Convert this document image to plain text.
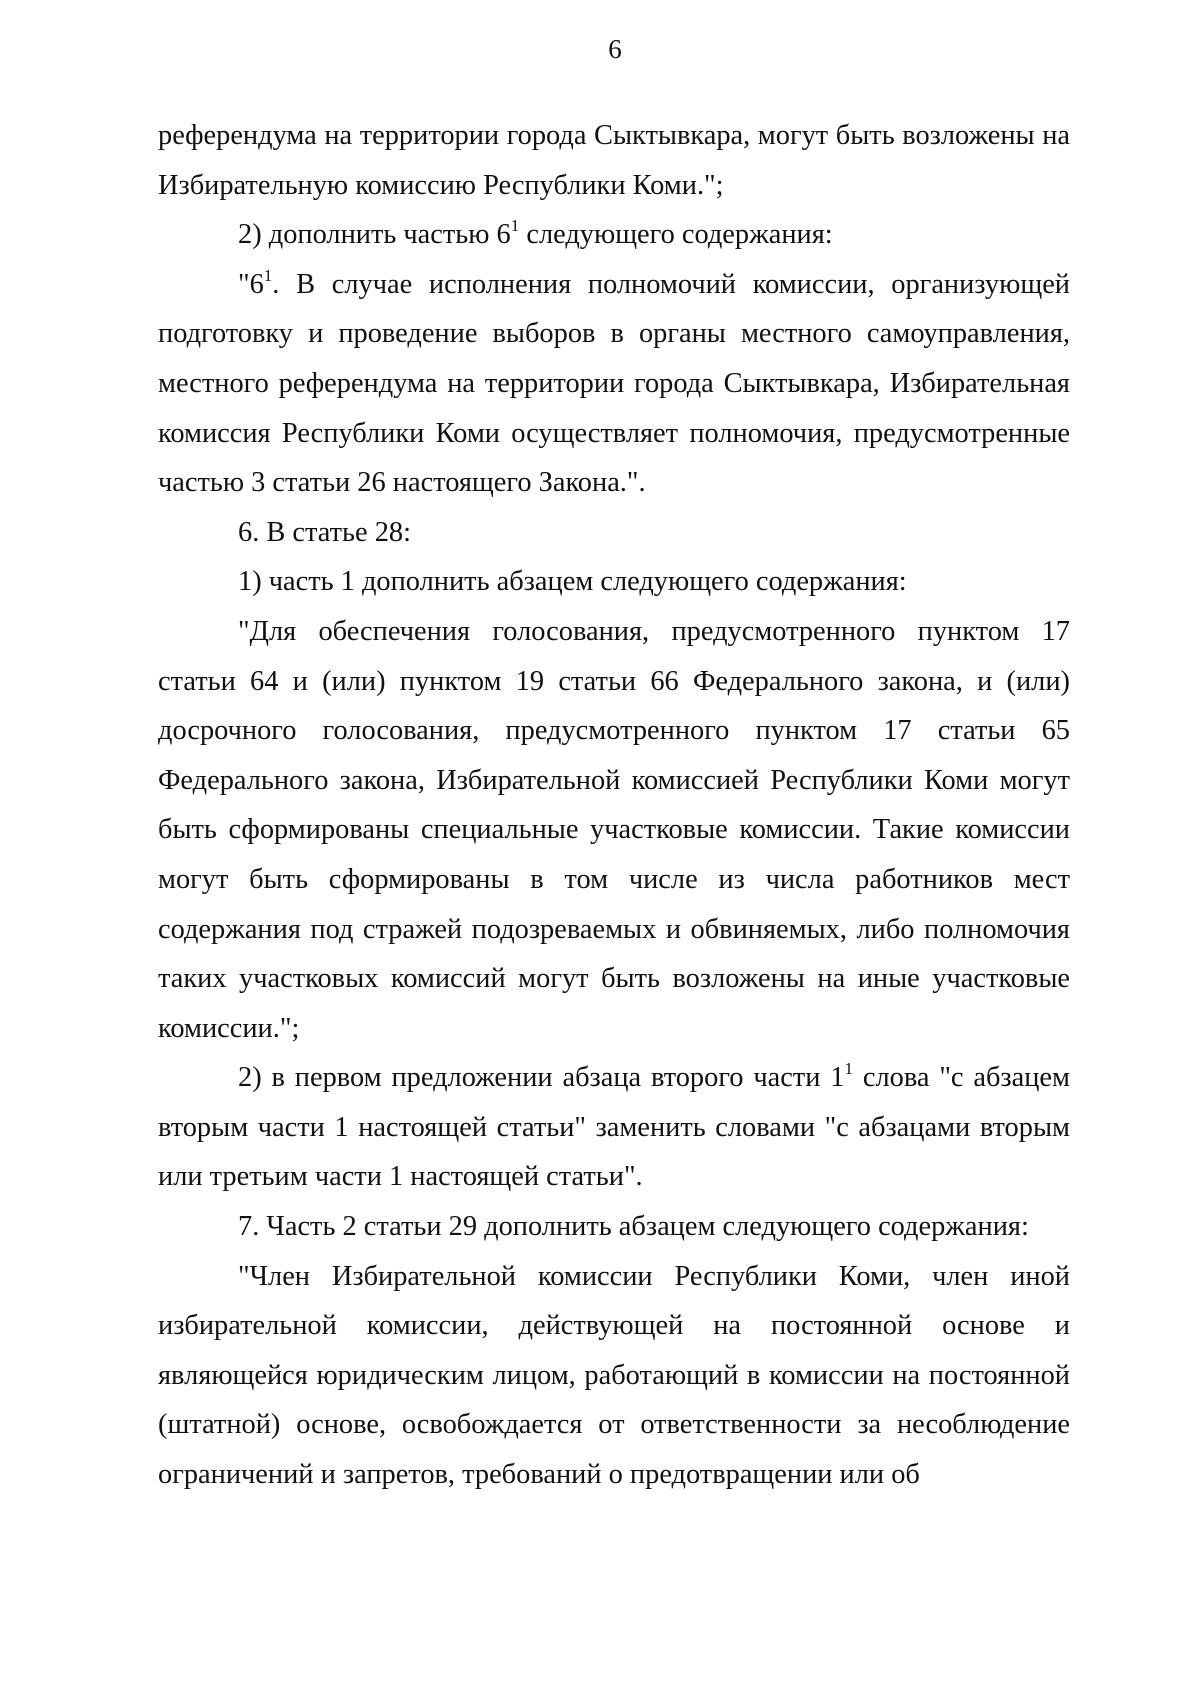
6

референдума на территории города Сыктывкара, могут быть возложены на Избирательную комиссию Республики Коми.";

2) дополнить частью $6^1$ следующего содержания:

"$6^1$. В случае исполнения полномочий комиссии, организующей подготовку и проведение выборов в органы местного самоуправления, местного референдума на территории города Сыктывкара, Избирательная комиссия Республики Коми осуществляет полномочия, предусмотренные частью 3 статьи 26 настоящего Закона.".

6. В статье 28:

1) часть 1 дополнить абзацем следующего содержания:

"Для обеспечения голосования, предусмотренного пунктом 17 статьи 64 и (или) пунктом 19 статьи 66 Федерального закона, и (или) досрочного голосования, предусмотренного пунктом 17 статьи 65 Федерального закона, Избирательной комиссией Республики Коми могут быть сформированы специальные участковые комиссии. Такие комиссии могут быть сформированы в том числе из числа работников мест содержания под стражей подозреваемых и обвиняемых, либо полномочия таких участковых комиссий могут быть возложены на иные участковые комиссии.";

2) в первом предложении абзаца второго части $1^1$ слова "с абзацем вторым части 1 настоящей статьи" заменить словами "с абзацами вторым или третьим части 1 настоящей статьи".

7. Часть 2 статьи 29 дополнить абзацем следующего содержания:

"Член Избирательной комиссии Республики Коми, член иной избирательной комиссии, действующей на постоянной основе и являющейся юридическим лицом, работающий в комиссии на постоянной (штатной) основе, освобождается от ответственности за несоблюдение ограничений и запретов, требований о предотвращении или об
